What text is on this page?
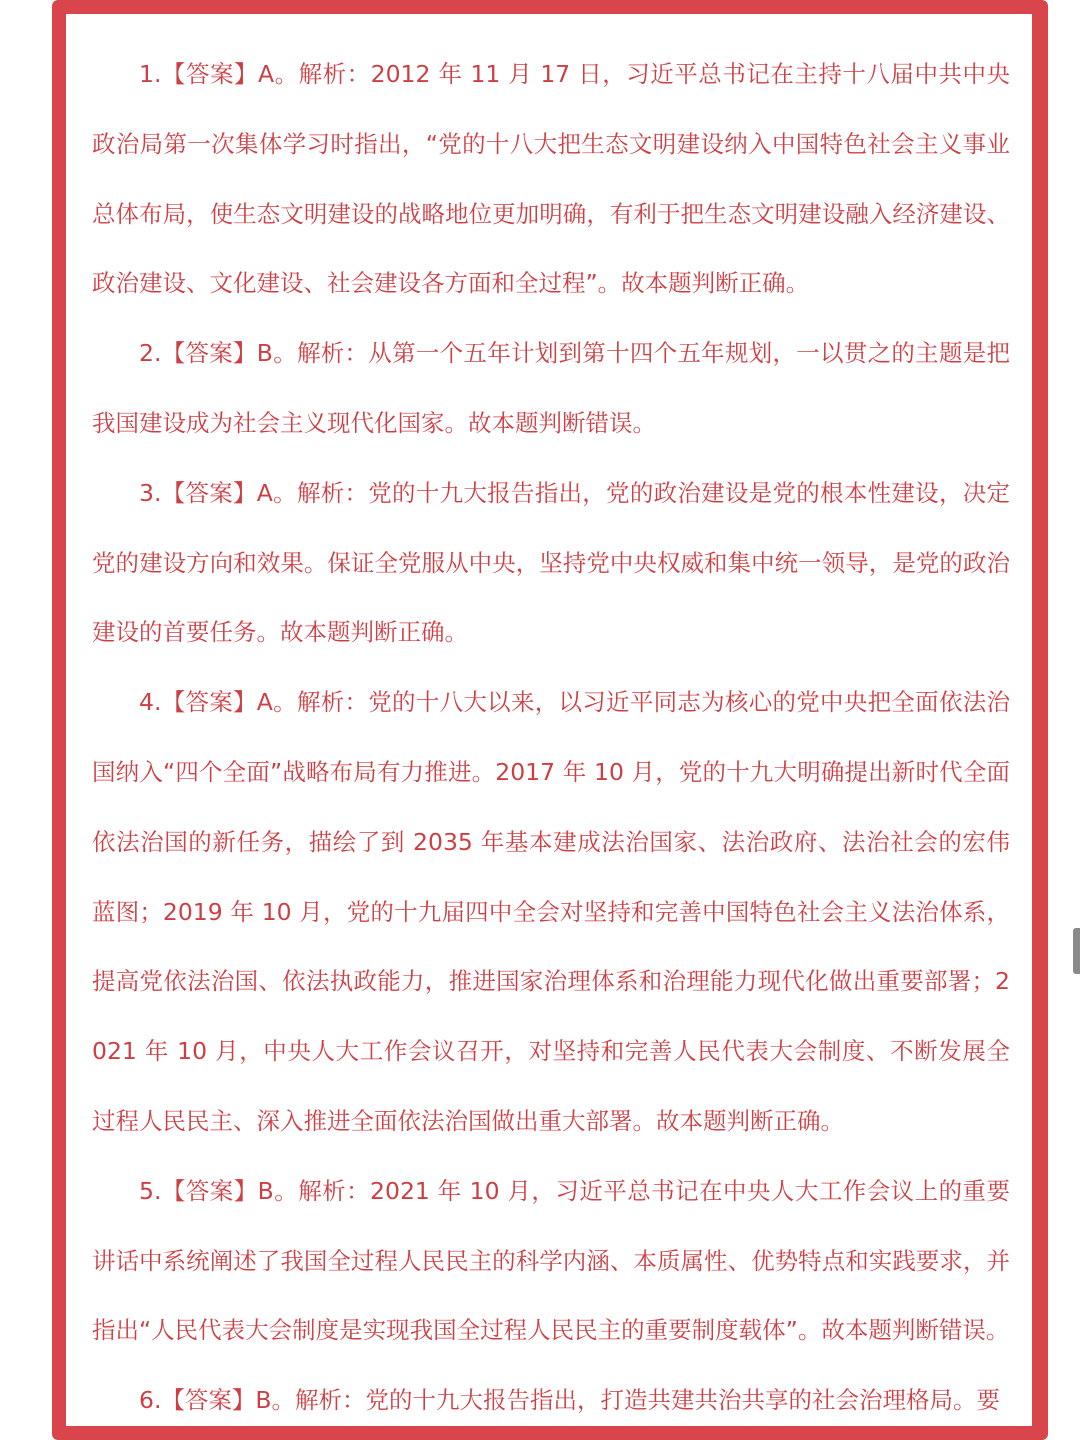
1.【答案】A。解析：2012 年 11 月 17 日，习近平总书记在主持十八届中共中央政治局第一次集体学习时指出，“党的十八大把生态文明建设纳入中国特色社会主义事业总体布局，使生态文明建设的战略地位更加明确，有利于把生态文明建设融入经济建设、政治建设、文化建设、社会建设各方面和全过程”。故本题判断正确。

2.【答案】B。解析：从第一个五年计划到第十四个五年规划，一以贯之的主题是把我国建设成为社会主义现代化国家。故本题判断错误。

3.【答案】A。解析：党的十九大报告指出，党的政治建设是党的根本性建设，决定党的建设方向和效果。保证全党服从中央，坚持党中央权威和集中统一领导，是党的政治建设的首要任务。故本题判断正确。

4.【答案】A。解析：党的十八大以来，以习近平同志为核心的党中央把全面依法治国纳入“四个全面”战略布局有力推进。2017 年 10 月，党的十九大明确提出新时代全面依法治国的新任务，描绘了到 2035 年基本建成法治国家、法治政府、法治社会的宏伟蓝图；2019 年 10 月，党的十九届四中全会对坚持和完善中国特色社会主义法治体系，提高党依法治国、依法执政能力，推进国家治理体系和治理能力现代化做出重要部署；2021 年 10 月，中央人大工作会议召开，对坚持和完善人民代表大会制度、不断发展全过程人民民主、深入推进全面依法治国做出重大部署。故本题判断正确。

5.【答案】B。解析：2021 年 10 月，习近平总书记在中央人大工作会议上的重要讲话中系统阐述了我国全过程人民民主的科学内涵、本质属性、优势特点和实践要求，并指出“人民代表大会制度是实现我国全过程人民民主的重要制度载体”。故本题判断错误。

6.【答案】B。解析：党的十九大报告指出，打造共建共治共享的社会治理格局。要
